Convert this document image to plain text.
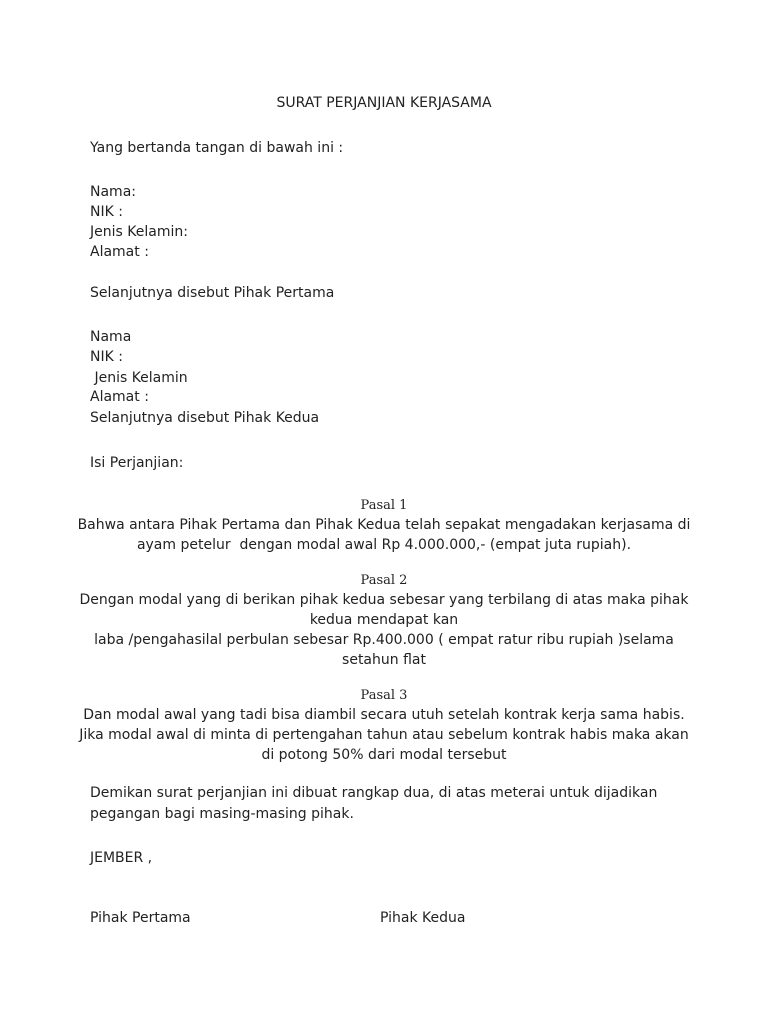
SURAT PERJANJIAN KERJASAMA

Yang bertanda tangan di bawah ini :

Nama:

NIK :

Jenis Kelamin:

Alamat :

Selanjutnya disebut Pihak Pertama

Nama

NIK :

Jenis Kelamin

Alamat :

Selanjutnya disebut Pihak Kedua

Isi Perjanjian:

Pasal 1

Bahwa antara Pihak Pertama dan Pihak Kedua telah sepakat mengadakan kerjasama di

ayam petelur  dengan modal awal Rp 4.000.000,- (empat juta rupiah).

Pasal 2

Dengan modal yang di berikan pihak kedua sebesar yang terbilang di atas maka pihak

kedua mendapat kan

laba /pengahasilal perbulan sebesar Rp.400.000 ( empat ratur ribu rupiah )selama

setahun flat

Pasal 3

Dan modal awal yang tadi bisa diambil secara utuh setelah kontrak kerja sama habis.

Jika modal awal di minta di pertengahan tahun atau sebelum kontrak habis maka akan

di potong 50% dari modal tersebut

Demikan surat perjanjian ini dibuat rangkap dua, di atas meterai untuk dijadikan

pegangan bagi masing-masing pihak.

JEMBER ,

Pihak Pertama	Pihak Kedua
